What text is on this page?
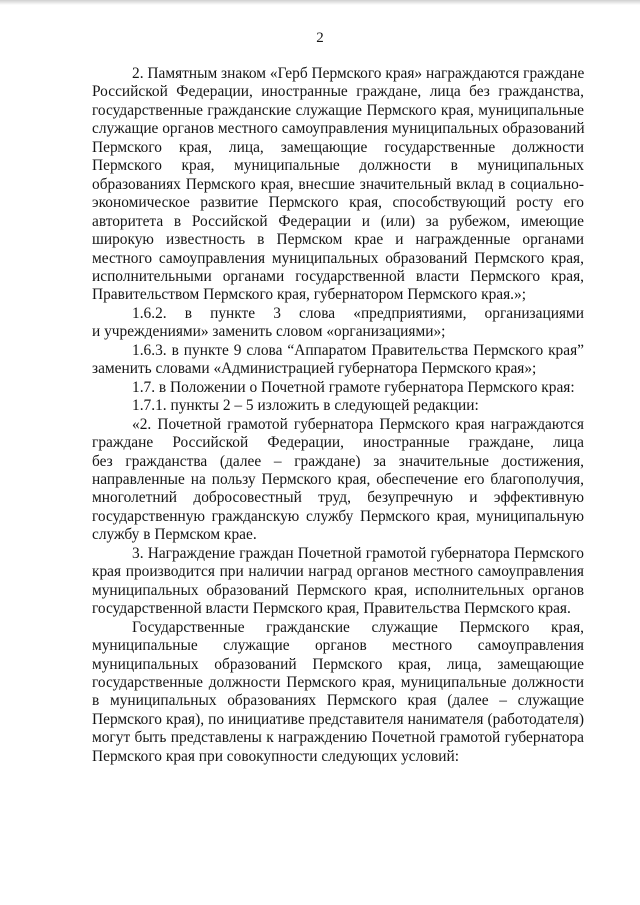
2
2. Памятным знаком «Герб Пермского края» награждаются граждане
Российской Федерации, иностранные граждане, лица без гражданства,
государственные гражданские служащие Пермского края, муниципальные
служащие органов местного самоуправления муниципальных образований
Пермского края, лица, замещающие государственные должности
Пермского края, муниципальные должности в муниципальных
образованиях Пермского края, внесшие значительный вклад в социально-
экономическое развитие Пермского края, способствующий росту его
авторитета в Российской Федерации и (или) за рубежом, имеющие
широкую известность в Пермском крае и награжденные органами
местного самоуправления муниципальных образований Пермского края,
исполнительными органами государственной власти Пермского края,
Правительством Пермского края, губернатором Пермского края.»;
1.6.2. в пункте 3 слова «предприятиями, организациями
и учреждениями» заменить словом «организациями»;
1.6.3. в пункте 9 слова “Аппаратом Правительства Пермского края”
заменить словами «Администрацией губернатора Пермского края»;
1.7. в Положении о Почетной грамоте губернатора Пермского края:
1.7.1. пункты 2 – 5 изложить в следующей редакции:
«2. Почетной грамотой губернатора Пермского края награждаются
граждане Российской Федерации, иностранные граждане, лица
без гражданства (далее – граждане) за значительные достижения,
направленные на пользу Пермского края, обеспечение его благополучия,
многолетний добросовестный труд, безупречную и эффективную
государственную гражданскую службу Пермского края, муниципальную
службу в Пермском крае.
3. Награждение граждан Почетной грамотой губернатора Пермского
края производится при наличии наград органов местного самоуправления
муниципальных образований Пермского края, исполнительных органов
государственной власти Пермского края, Правительства Пермского края.
Государственные гражданские служащие Пермского края,
муниципальные служащие органов местного самоуправления
муниципальных образований Пермского края, лица, замещающие
государственные должности Пермского края, муниципальные должности
в муниципальных образованиях Пермского края (далее – служащие
Пермского края), по инициативе представителя нанимателя (работодателя)
могут быть представлены к награждению Почетной грамотой губернатора
Пермского края при совокупности следующих условий:
